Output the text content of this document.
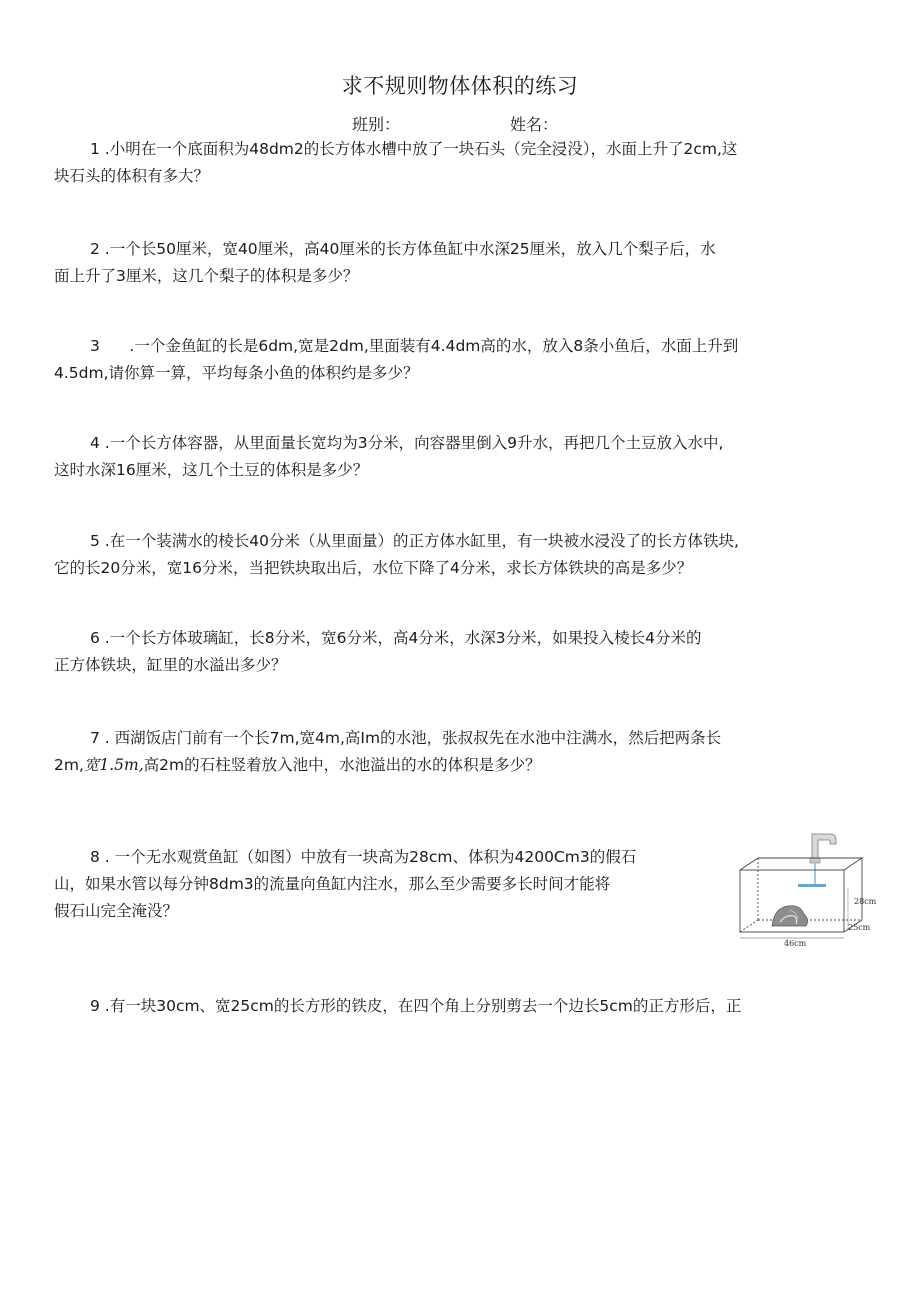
求不规则物体体积的练习
班别：	姓名：

1 .小明在一个底面积为48dm2的长方体水槽中放了一块石头（完全浸没），水面上升了2cm,这
块石头的体积有多大？

2 .一个长50厘米，宽40厘米，高40厘米的长方体鱼缸中水深25厘米，放入几个梨子后，水
面上升了3厘米，这几个梨子的体积是多少？

3      .一个金鱼缸的长是6dm,宽是2dm,里面装有4.4dm高的水，放入8条小鱼后，水面上升到
4.5dm,请你算一算，平均每条小鱼的体积约是多少？

4 .一个长方体容器，从里面量长宽均为3分米，向容器里倒入9升水，再把几个土豆放入水中,
这时水深16厘米，这几个土豆的体积是多少？

5 .在一个装满水的棱长40分米（从里面量）的正方体水缸里，有一块被水浸没了的长方体铁块,
它的长20分米，宽16分米，当把铁块取出后，水位下降了4分米，求长方体铁块的高是多少？

6 .一个长方体玻璃缸，长8分米，宽6分米，高4分米，水深3分米，如果投入棱长4分米的
正方体铁块，缸里的水溢出多少？

7 . 西湖饭店门前有一个长7m,宽4m,高Im的水池，张叔叔先在水池中注满水，然后把两条长
2m,宽1.5m,高2m的石柱竖着放入池中，水池溢出的水的体积是多少？

8 . 一个无水观赏鱼缸（如图）中放有一块高为28cm、体积为4200Cm3的假石
山，如果水管以每分钟8dm3的流量向鱼缸内注水，那么至少需要多长时间才能将
假石山完全淹没？

28cm
25cm
46cm

9 .有一块30cm、宽25cm的长方形的铁皮，在四个角上分别剪去一个边长5cm的正方形后，正
